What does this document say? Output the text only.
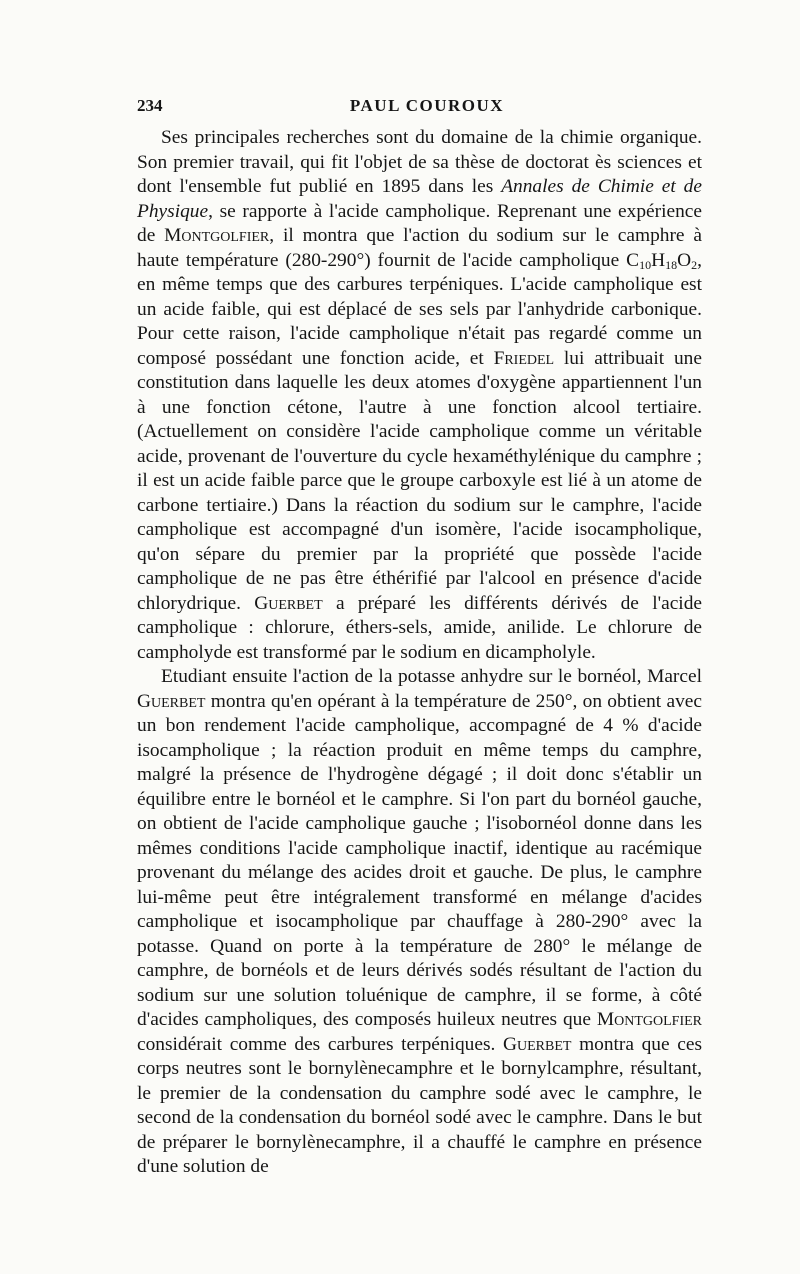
234	PAUL COUROUX

Ses principales recherches sont du domaine de la chimie organique. Son premier travail, qui fit l'objet de sa thèse de doctorat ès sciences et dont l'ensemble fut publié en 1895 dans les Annales de Chimie et de Physique, se rapporte à l'acide campholique. Reprenant une expérience de Montgolfier, il montra que l'action du sodium sur le camphre à haute température (280-290°) fournit de l'acide campholique $C_{10}H_{18}O_2$, en même temps que des carbures terpéniques. L'acide campholique est un acide faible, qui est déplacé de ses sels par l'anhydride carbonique. Pour cette raison, l'acide campholique n'était pas regardé comme un composé possédant une fonction acide, et Friedel lui attribuait une constitution dans laquelle les deux atomes d'oxygène appartiennent l'un à une fonction cétone, l'autre à une fonction alcool tertiaire. (Actuellement on considère l'acide campholique comme un véritable acide, provenant de l'ouverture du cycle hexaméthylénique du camphre ; il est un acide faible parce que le groupe carboxyle est lié à un atome de carbone tertiaire.) Dans la réaction du sodium sur le camphre, l'acide campholique est accompagné d'un isomère, l'acide isocampholique, qu'on sépare du premier par la propriété que possède l'acide campholique de ne pas être éthérifié par l'alcool en présence d'acide chlorydrique. Guerbet a préparé les différents dérivés de l'acide campholique : chlorure, éthers-sels, amide, anilide. Le chlorure de campholyde est transformé par le sodium en dicampholyle.

Etudiant ensuite l'action de la potasse anhydre sur le bornéol, Marcel Guerbet montra qu'en opérant à la température de 250°, on obtient avec un bon rendement l'acide campholique, accompagné de 4 % d'acide isocampholique ; la réaction produit en même temps du camphre, malgré la présence de l'hydrogène dégagé ; il doit donc s'établir un équilibre entre le bornéol et le camphre. Si l'on part du bornéol gauche, on obtient de l'acide campholique gauche ; l'isobornéol donne dans les mêmes conditions l'acide campholique inactif, identique au racémique provenant du mélange des acides droit et gauche. De plus, le camphre lui-même peut être intégralement transformé en mélange d'acides campholique et isocampholique par chauffage à 280-290° avec la potasse. Quand on porte à la température de 280° le mélange de camphre, de bornéols et de leurs dérivés sodés résultant de l'action du sodium sur une solution toluénique de camphre, il se forme, à côté d'acides campholiques, des composés huileux neutres que Montgolfier considérait comme des carbures terpéniques. Guerbet montra que ces corps neutres sont le bornylènecamphre et le bornylcamphre, résultant, le premier de la condensation du camphre sodé avec le camphre, le second de la condensation du bornéol sodé avec le camphre. Dans le but de préparer le bornylènecamphre, il a chauffé le camphre en présence d'une solution de
